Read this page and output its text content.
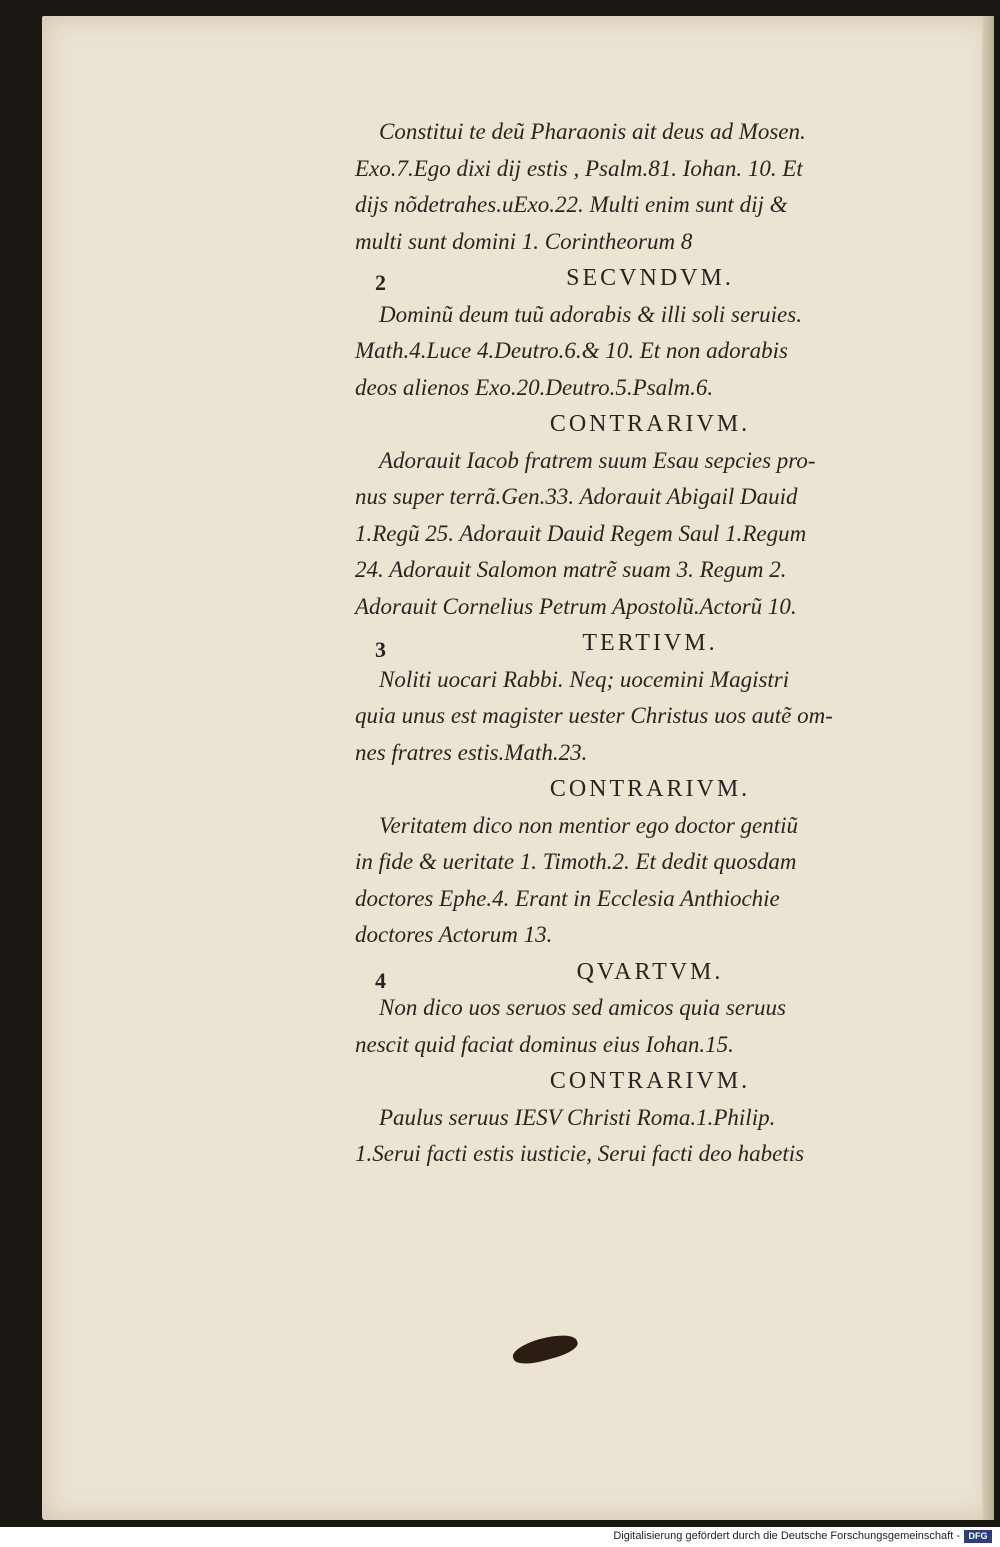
2
3
4
Constitui te deũ Pharaonis ait deus ad Mosen.
Exo.7.Ego dixi dij estis , Psalm.81. Iohan. 10. Et
dijs nõdetrahes.uExo.22. Multi enim sunt dij &
multi sunt domini 1. Corintheorum 8
SECVNDVM.
Dominũ deum tuũ adorabis & illi soli seruies.
Math.4.Luce 4.Deutro.6.& 10. Et non adorabis
deos alienos Exo.20.Deutro.5.Psalm.6.
CONTRARIVM.
Adorauit Iacob fratrem suum Esau sepcies pro-
nus super terrã.Gen.33. Adorauit Abigail Dauid
1.Regũ 25. Adorauit Dauid Regem Saul 1.Regum
24. Adorauit Salomon matrẽ suam 3. Regum 2.
Adorauit Cornelius Petrum Apostolũ.Actorũ 10.
TERTIVM.
Noliti uocari Rabbi. Neq; uocemini Magistri
quia unus est magister uester Christus uos autẽ om-
nes fratres estis.Math.23.
CONTRARIVM.
Veritatem dico non mentior ego doctor gentiũ
in fide & ueritate 1. Timoth.2. Et dedit quosdam
doctores Ephe.4. Erant in Ecclesia Anthiochie
doctores Actorum 13.
QVARTVM.
Non dico uos seruos sed amicos quia seruus
nescit quid faciat dominus eius Iohan.15.
CONTRARIVM.
Paulus seruus IESV Christi Roma.1.Philip.
1.Serui facti estis iusticie, Serui facti deo habetis
Digitalisierung gefördert durch die Deutsche Forschungsgemeinschaft - DFG
